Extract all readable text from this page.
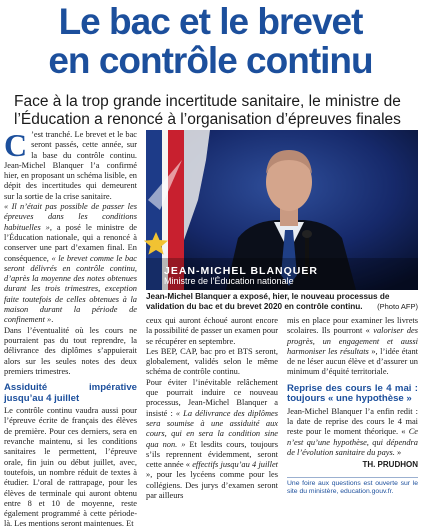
Le bac et le brevet
en contrôle continu
Face à la trop grande incertitude sanitaire, le ministre de l’Éducation a renoncé à l’organisation d’épreuves finales

C ’est tranché. Le brevet et le bac seront passés, cette année, sur la base du contrôle continu. Jean-Michel Blanquer l’a confirmé hier, en proposant un schéma lisible, en dépit des incertitudes qui demeurent sur la sortie de la crise sanitaire.

« Il n’était pas possible de passer les épreuves dans les conditions habituelles », a posé le ministre de l’Éducation nationale, qui a renoncé à conserver une part d’examen final. En conséquence, « le brevet comme le bac seront délivrés en contrôle continu, d’après la moyenne des notes obtenues durant les trois trimestres, exception faite toutefois de celles obtenues à la maison durant la période de confinement ».

Dans l’éventualité où les cours ne pourraient pas du tout reprendre, la délivrance des diplômes s’appuierait alors sur les seules notes des deux premiers trimestres.

Assiduité impérative jusqu’au 4 juillet

Le contrôle continu vaudra aussi pour l’épreuve écrite de français des élèves de première. Pour ces derniers, sera en revanche maintenu, si les conditions sanitaires le permettent, l’épreuve orale, fin juin ou début juillet, avec, toutefois, un nombre réduit de textes à étudier. L’oral de rattrapage, pour les élèves de terminale qui auront obtenu entre 8 et 10 de moyenne, reste également programmé à cette période-là. Les mentions seront maintenues. Et

JEAN-MICHEL BLANQUER
Ministre de l’Éducation nationale
Jean-Michel Blanquer a exposé, hier, le nouveau processus de validation du bac et du brevet 2020 en contrôle continu. (Photo AFP)

ceux qui auront échoué auront encore la possibilité de passer un examen pour se récupérer en septembre.

Les BEP, CAP, bac pro et BTS seront, globalement, validés selon le même schéma de contrôle continu.

Pour éviter l’inévitable relâchement que pourrait induire ce nouveau processus, Jean-Michel Blanquer a insisté : « La délivrance des diplômes sera soumise à une assiduité aux cours, qui en sera la condition sine qua non. » Et lesdits cours, toujours s’ils reprennent évidemment, seront cette année « effectifs jusqu’au 4 juillet », pour les lycéens comme pour les collégiens. Des jurys d’examen seront par ailleurs

mis en place pour examiner les livrets scolaires. Ils pourront « valoriser des progrès, un engagement et aussi harmoniser les résultats », l’idée étant de ne léser aucun élève et d’assurer un minimum d’équité territoriale.

Reprise des cours le 4 mai : toujours « une hypothèse »

Jean-Michel Blanquer l’a enfin redit : la date de reprise des cours le 4 mai reste pour le moment théorique. « Ce n’est qu’une hypothèse, qui dépendra de l’évolution sanitaire du pays. »

TH. PRUDHON
Une foire aux questions est ouverte sur le site du ministère, education.gouv.fr.
